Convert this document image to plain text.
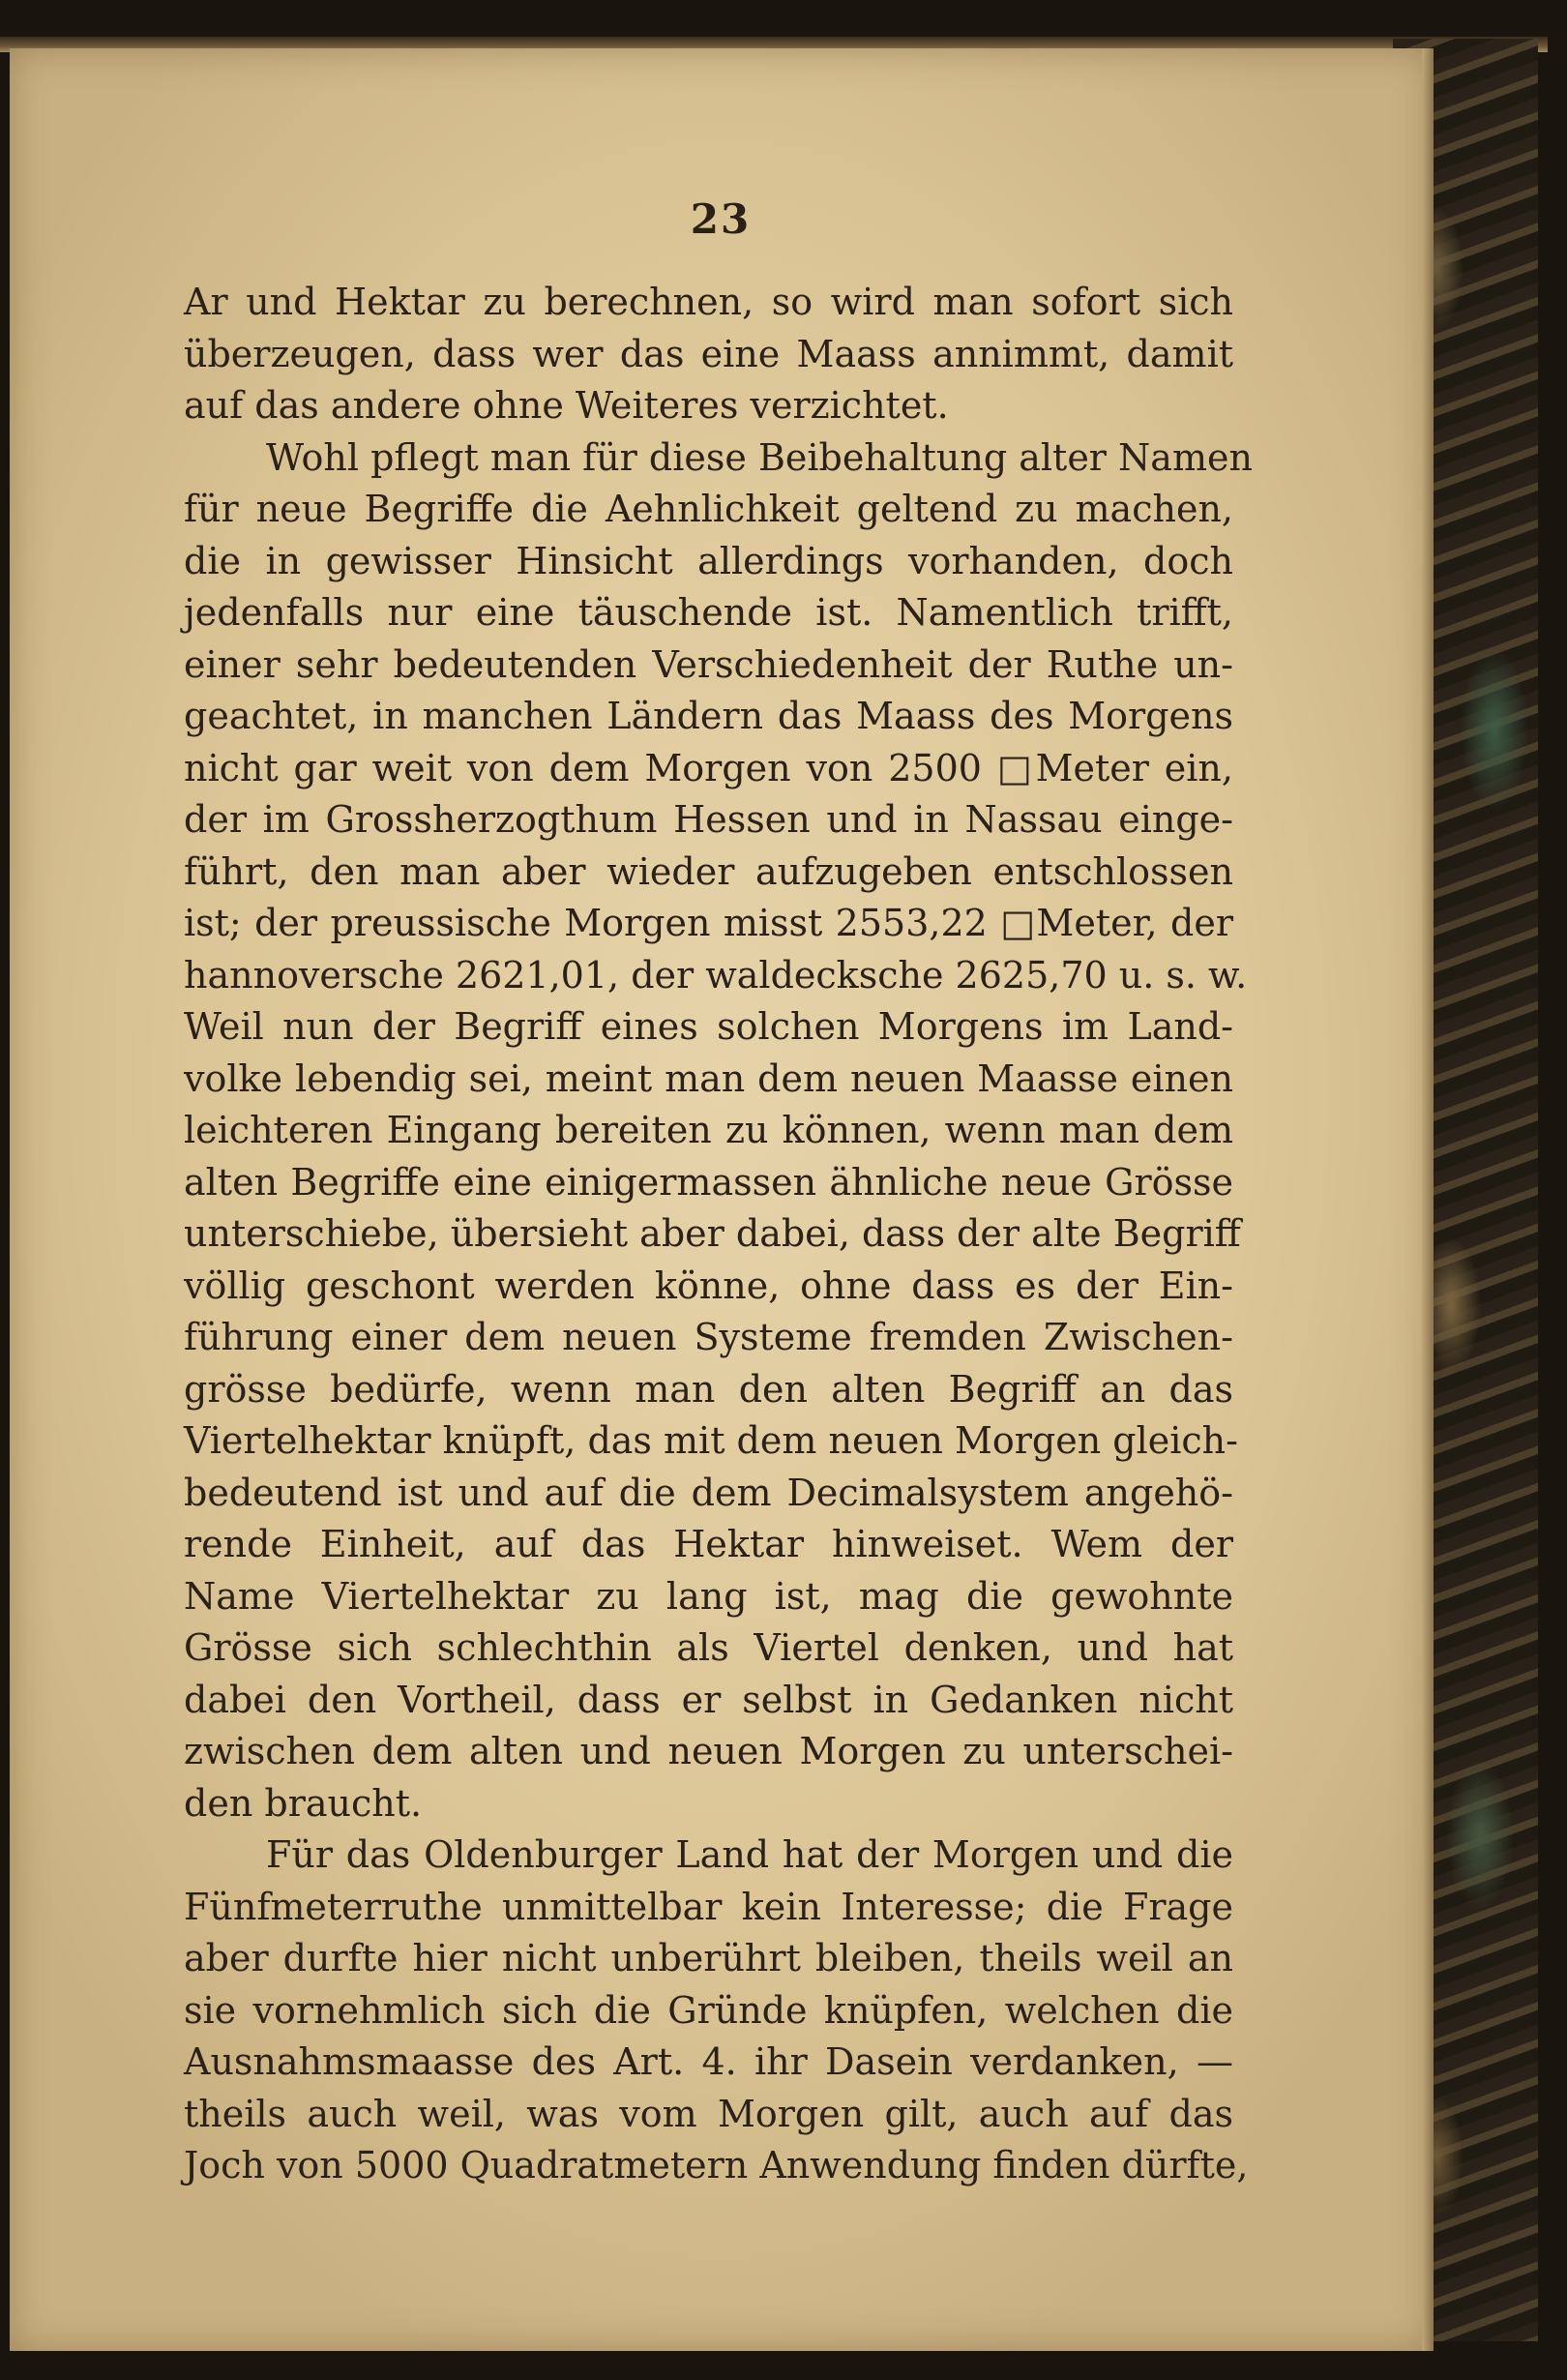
23
Ar und Hektar zu berechnen, so wird man sofort sich
überzeugen, dass wer das eine Maass annimmt, damit
auf das andere ohne Weiteres verzichtet.
Wohl pflegt man für diese Beibehaltung alter Namen
für neue Begriffe die Aehnlichkeit geltend zu machen,
die in gewisser Hinsicht allerdings vorhanden, doch
jedenfalls nur eine täuschende ist. Namentlich trifft,
einer sehr bedeutenden Verschiedenheit der Ruthe un-
geachtet, in manchen Ländern das Maass des Morgens
nicht gar weit von dem Morgen von 2500 □Meter ein,
der im Grossherzogthum Hessen und in Nassau einge-
führt, den man aber wieder aufzugeben entschlossen
ist; der preussische Morgen misst 2553,22 □Meter, der
hannoversche 2621,01, der waldecksche 2625,70 u. s. w.
Weil nun der Begriff eines solchen Morgens im Land-
volke lebendig sei, meint man dem neuen Maasse einen
leichteren Eingang bereiten zu können, wenn man dem
alten Begriffe eine einigermassen ähnliche neue Grösse
unterschiebe, übersieht aber dabei, dass der alte Begriff
völlig geschont werden könne, ohne dass es der Ein-
führung einer dem neuen Systeme fremden Zwischen-
grösse bedürfe, wenn man den alten Begriff an das
Viertelhektar knüpft, das mit dem neuen Morgen gleich-
bedeutend ist und auf die dem Decimalsystem angehö-
rende Einheit, auf das Hektar hinweiset. Wem der
Name Viertelhektar zu lang ist, mag die gewohnte
Grösse sich schlechthin als Viertel denken, und hat
dabei den Vortheil, dass er selbst in Gedanken nicht
zwischen dem alten und neuen Morgen zu unterschei-
den braucht.
Für das Oldenburger Land hat der Morgen und die
Fünfmeterruthe unmittelbar kein Interesse; die Frage
aber durfte hier nicht unberührt bleiben, theils weil an
sie vornehmlich sich die Gründe knüpfen, welchen die
Ausnahmsmaasse des Art. 4. ihr Dasein verdanken, —
theils auch weil, was vom Morgen gilt, auch auf das
Joch von 5000 Quadratmetern Anwendung finden dürfte,
